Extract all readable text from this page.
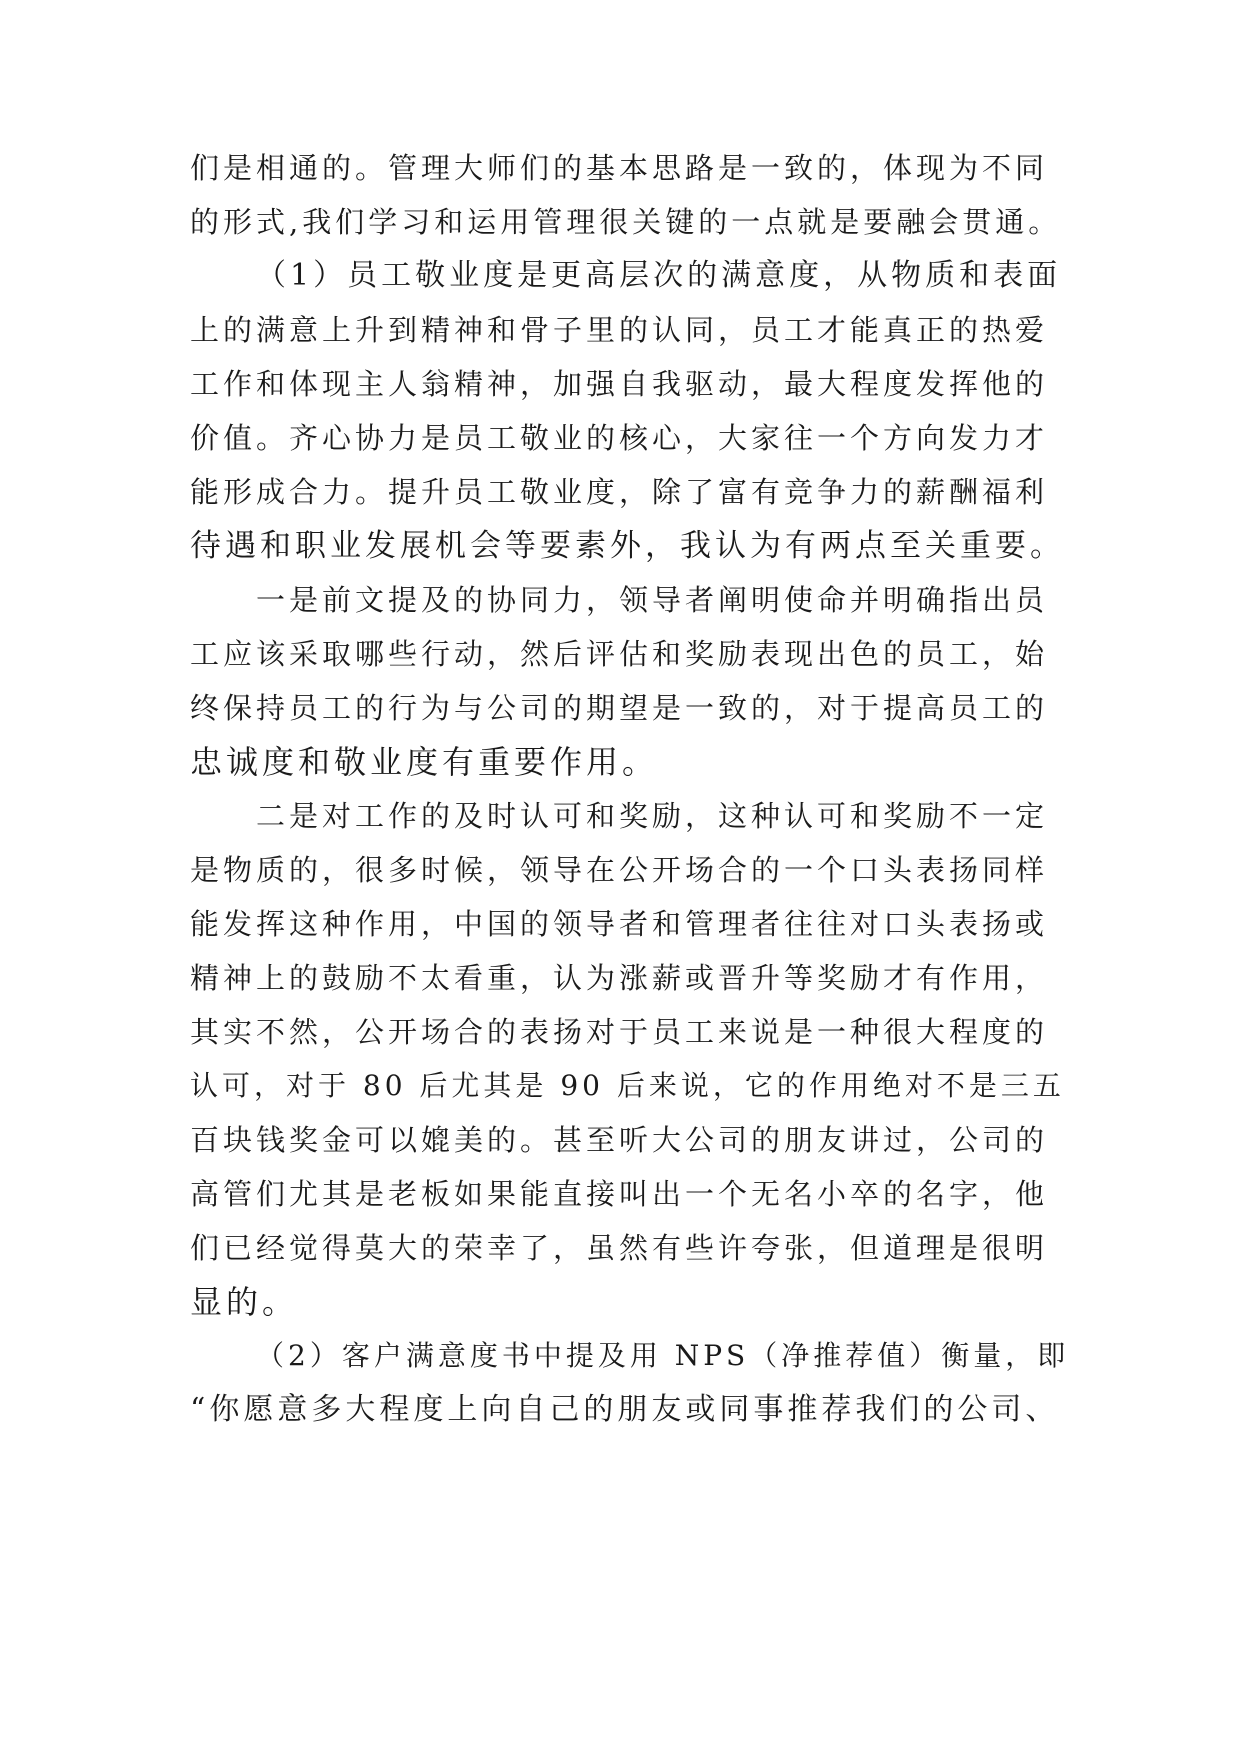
们是相通的。管理大师们的基本思路是一致的，体现为不同
的形式,我们学习和运用管理很关键的一点就是要融会贯通。
（1）员工敬业度是更高层次的满意度，从物质和表面
上的满意上升到精神和骨子里的认同，员工才能真正的热爱
工作和体现主人翁精神，加强自我驱动，最大程度发挥他的
价值。齐心协力是员工敬业的核心，大家往一个方向发力才
能形成合力。提升员工敬业度，除了富有竞争力的薪酬福利
待遇和职业发展机会等要素外，我认为有两点至关重要。
一是前文提及的协同力，领导者阐明使命并明确指出员
工应该采取哪些行动，然后评估和奖励表现出色的员工，始
终保持员工的行为与公司的期望是一致的，对于提高员工的
忠诚度和敬业度有重要作用。
二是对工作的及时认可和奖励，这种认可和奖励不一定
是物质的，很多时候，领导在公开场合的一个口头表扬同样
能发挥这种作用，中国的领导者和管理者往往对口头表扬或
精神上的鼓励不太看重，认为涨薪或晋升等奖励才有作用，
其实不然，公开场合的表扬对于员工来说是一种很大程度的
认可，对于 80 后尤其是 90 后来说，它的作用绝对不是三五
百块钱奖金可以媲美的。甚至听大公司的朋友讲过，公司的
高管们尤其是老板如果能直接叫出一个无名小卒的名字，他
们已经觉得莫大的荣幸了，虽然有些许夸张，但道理是很明
显的。
（2）客户满意度书中提及用 NPS（净推荐值）衡量，即
“你愿意多大程度上向自己的朋友或同事推荐我们的公司、
